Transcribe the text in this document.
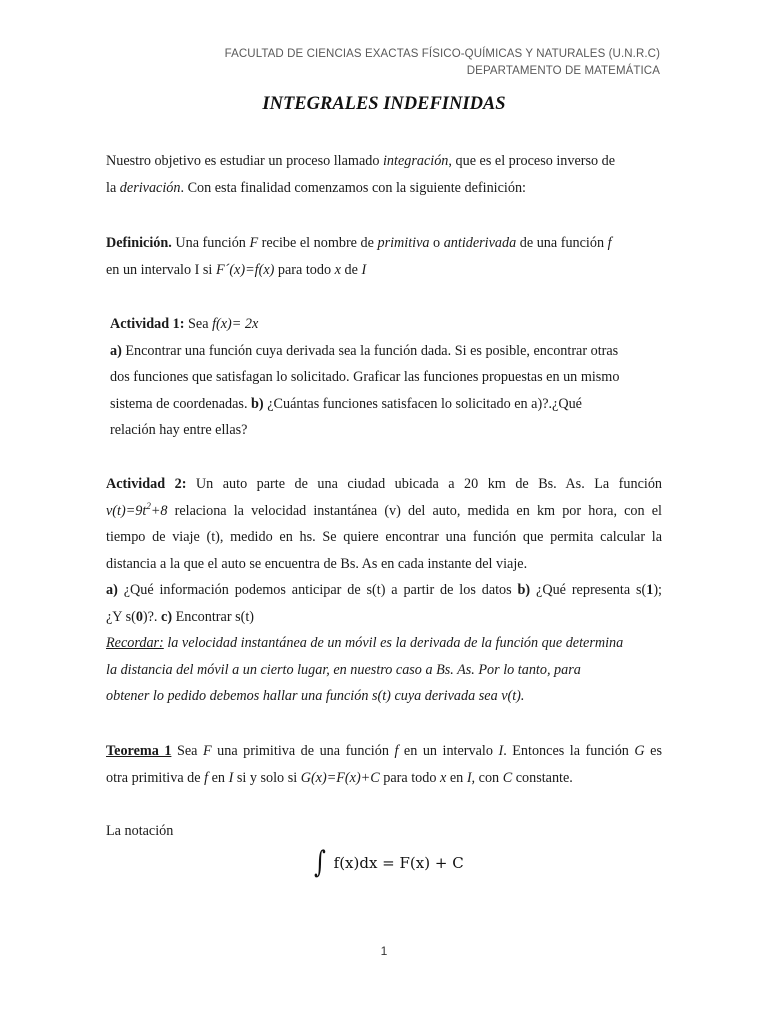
FACULTAD DE CIENCIAS EXACTAS FÍSICO-QUÍMICAS Y NATURALES (U.N.R.C)
DEPARTAMENTO DE MATEMÁTICA
INTEGRALES INDEFINIDAS
Nuestro objetivo es estudiar un proceso llamado integración, que es el proceso inverso de
la derivación. Con esta finalidad comenzamos con la siguiente definición:
Definición. Una función F recibe el nombre de primitiva o antiderivada de una función f
en un intervalo I si F´(x)=f(x) para todo x de I
Actividad 1: Sea f(x)= 2x
a) Encontrar una función cuya derivada sea la función dada. Si es posible, encontrar otras
dos funciones que satisfagan lo solicitado. Graficar las funciones propuestas en un mismo
sistema de coordenadas. b) ¿Cuántas funciones satisfacen lo solicitado en a)?.¿Qué
relación hay entre ellas?
Actividad 2: Un auto parte de una ciudad ubicada a 20 km de Bs. As. La función
$v(t)=9t^2+8$ relaciona la velocidad instantánea (v) del auto, medida en km por hora, con el
tiempo de viaje (t), medido en hs. Se quiere encontrar una función que permita calcular la
distancia a la que el auto se encuentra de Bs. As en cada instante del viaje.
a) ¿Qué información podemos anticipar de s(t) a partir de los datos b) ¿Qué representa s(1);
¿Y s(0)?. c) Encontrar s(t)
Recordar: la velocidad instantánea de un móvil es la derivada de la función que determina
la distancia del móvil a un cierto lugar, en nuestro caso a Bs. As. Por lo tanto, para
obtener lo pedido debemos hallar una función s(t) cuya derivada sea v(t).
Teorema 1 Sea F una primitiva de una función f en un intervalo I. Entonces la función G es
otra primitiva de f en I si y solo si G(x)=F(x)+C para todo x en I, con C constante.
La notación
∫ f(x)dx = F(x) + C
1
